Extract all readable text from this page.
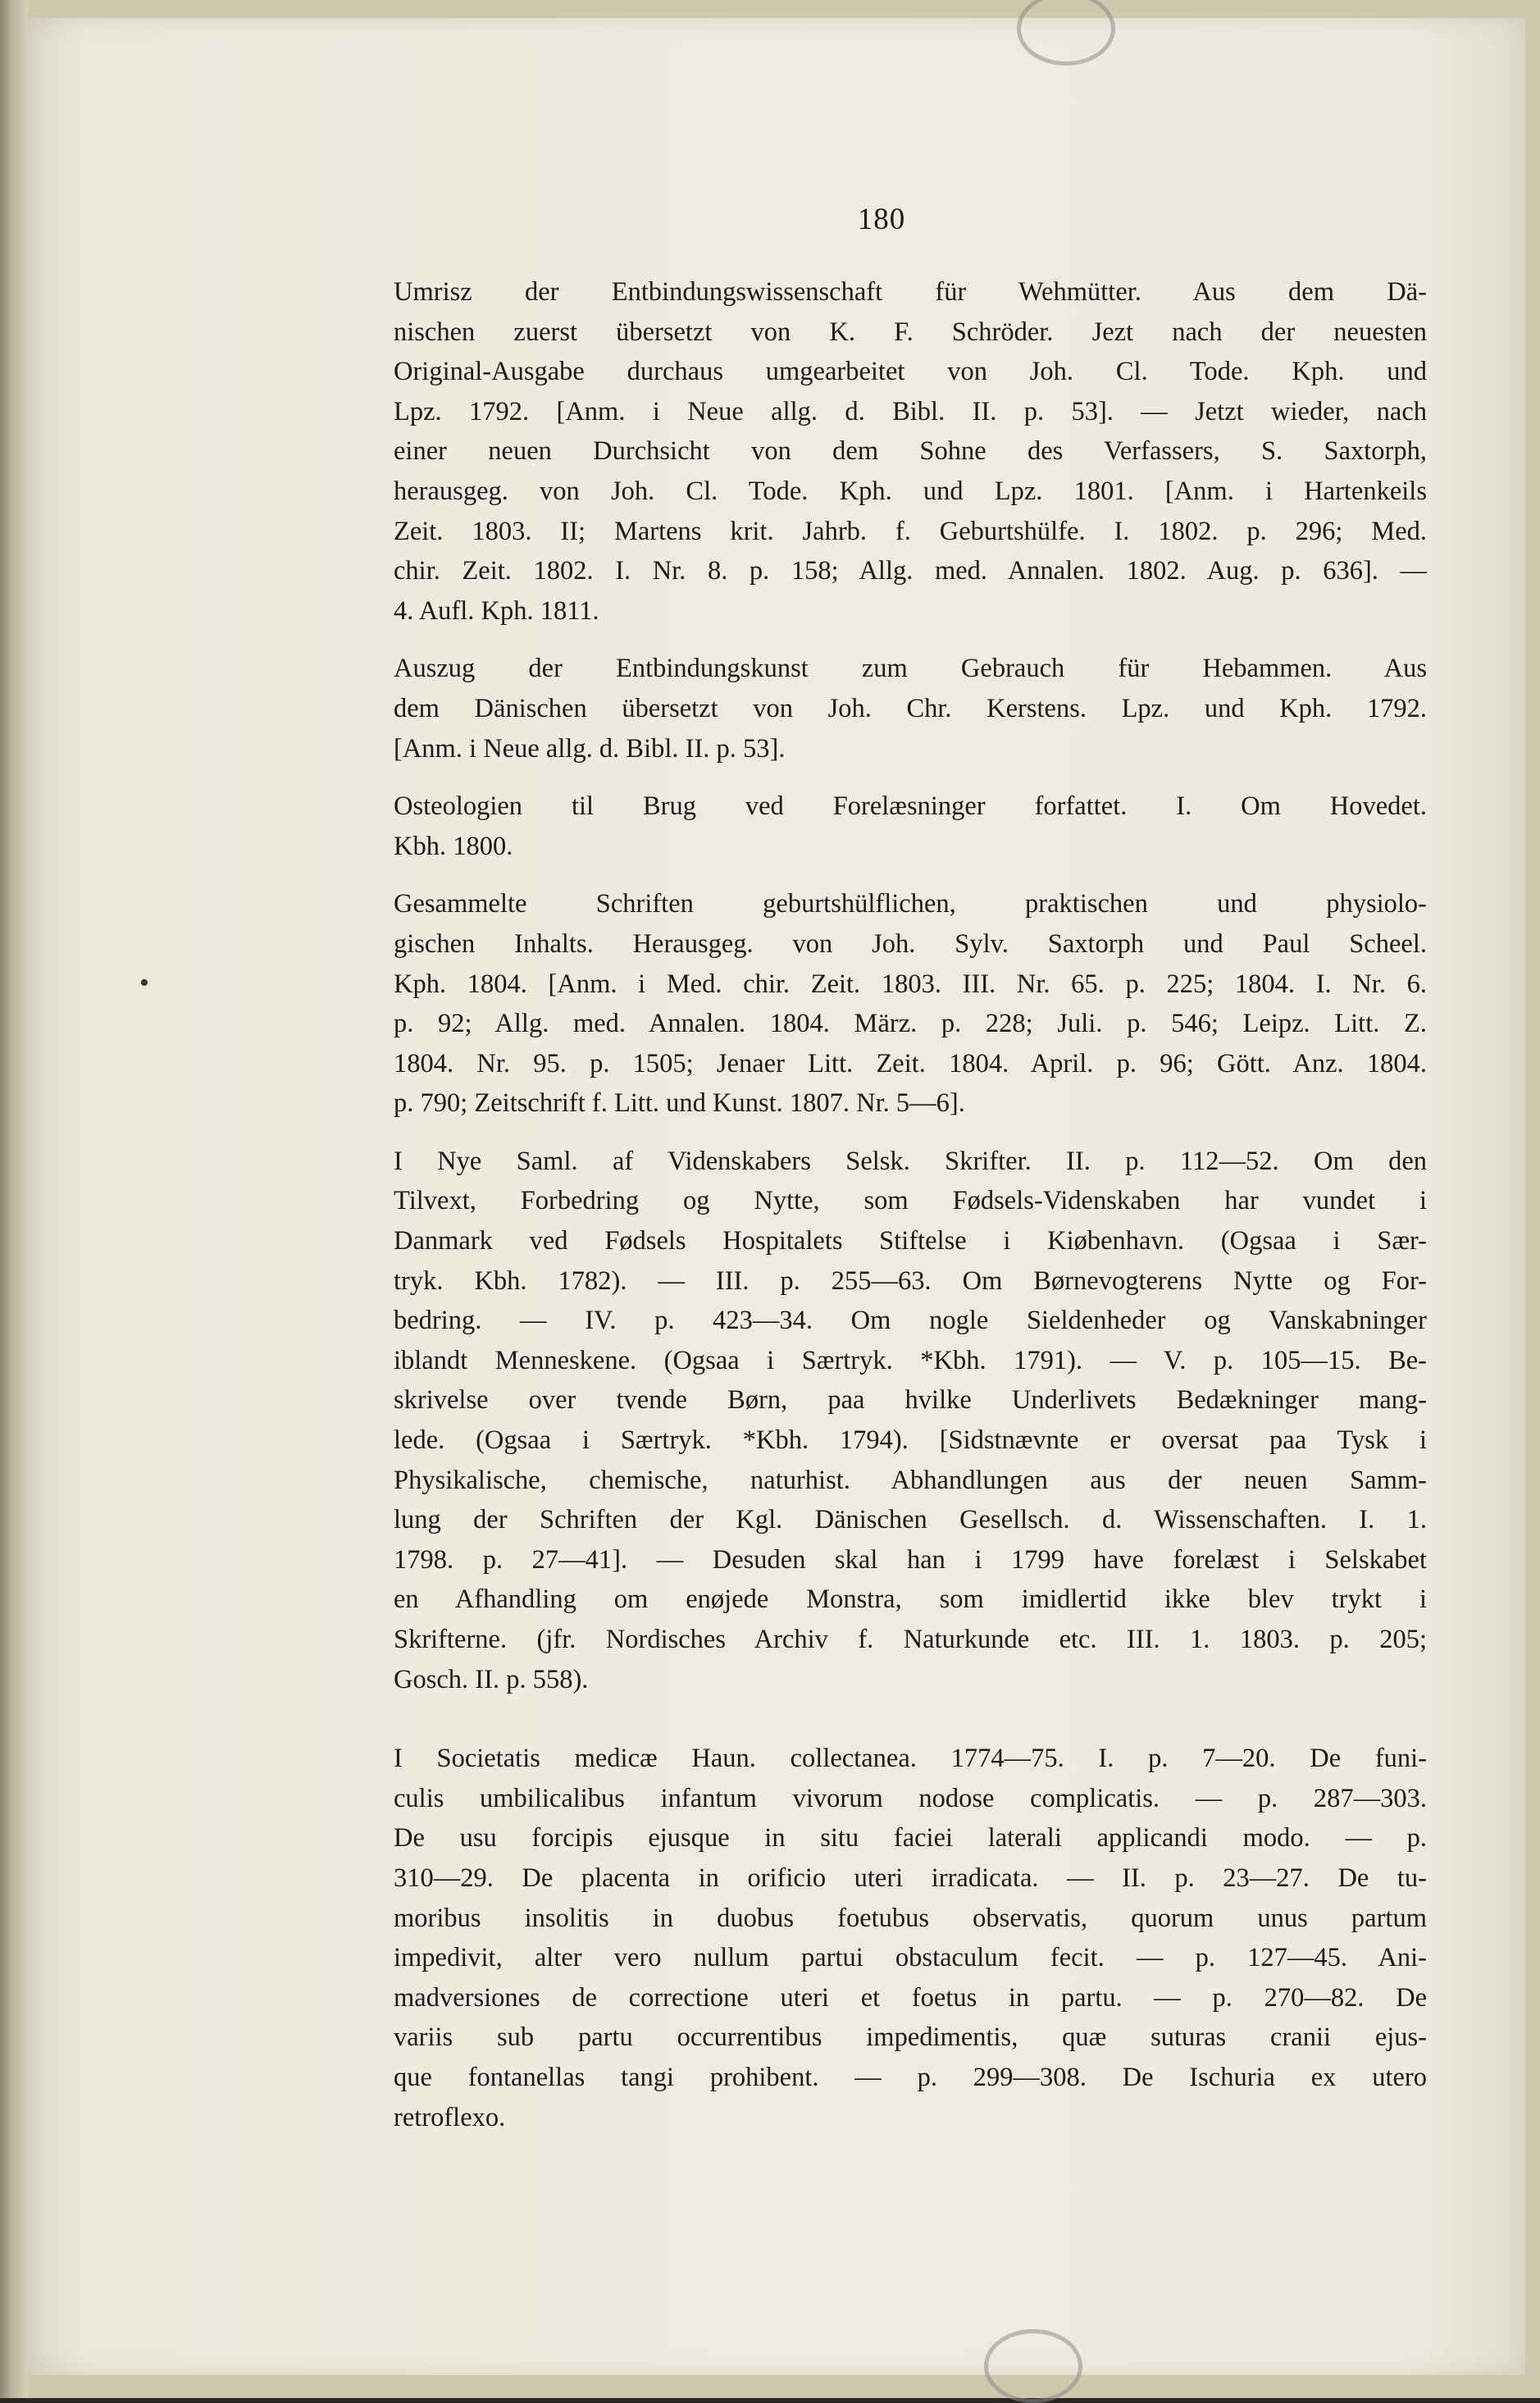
180
•

Umrisz der Entbindungswissenschaft für Wehmütter. Aus dem Dä-
nischen zuerst übersetzt von K. F. Schröder. Jezt nach der neuesten
Original-Ausgabe durchaus umgearbeitet von Joh. Cl. Tode. Kph. und
Lpz. 1792. [Anm. i Neue allg. d. Bibl. II. p. 53]. — Jetzt wieder, nach
einer neuen Durchsicht von dem Sohne des Verfassers, S. Saxtorph,
herausgeg. von Joh. Cl. Tode. Kph. und Lpz. 1801. [Anm. i Hartenkeils
Zeit. 1803. II; Martens krit. Jahrb. f. Geburtshülfe. I. 1802. p. 296; Med.
chir. Zeit. 1802. I. Nr. 8. p. 158; Allg. med. Annalen. 1802. Aug. p. 636]. —
4. Aufl. Kph. 1811.

Auszug der Entbindungskunst zum Gebrauch für Hebammen. Aus
dem Dänischen übersetzt von Joh. Chr. Kerstens. Lpz. und Kph. 1792.
[Anm. i Neue allg. d. Bibl. II. p. 53].

Osteologien til Brug ved Forelæsninger forfattet. I. Om Hovedet.
Kbh. 1800.

Gesammelte Schriften geburtshülflichen, praktischen und physiolo-
gischen Inhalts. Herausgeg. von Joh. Sylv. Saxtorph und Paul Scheel.
Kph. 1804. [Anm. i Med. chir. Zeit. 1803. III. Nr. 65. p. 225; 1804. I. Nr. 6.
p. 92; Allg. med. Annalen. 1804. März. p. 228; Juli. p. 546; Leipz. Litt. Z.
1804. Nr. 95. p. 1505; Jenaer Litt. Zeit. 1804. April. p. 96; Gött. Anz. 1804.
p. 790; Zeitschrift f. Litt. und Kunst. 1807. Nr. 5—6].

I Nye Saml. af Videnskabers Selsk. Skrifter. II. p. 112—52. Om den
Tilvext, Forbedring og Nytte, som Fødsels-Videnskaben har vundet i
Danmark ved Fødsels Hospitalets Stiftelse i Kiøbenhavn. (Ogsaa i Sær-
tryk. Kbh. 1782). — III. p. 255—63. Om Børnevogterens Nytte og For-
bedring. — IV. p. 423—34. Om nogle Sieldenheder og Vanskabninger
iblandt Menneskene. (Ogsaa i Særtryk. *Kbh. 1791). — V. p. 105—15. Be-
skrivelse over tvende Børn, paa hvilke Underlivets Bedækninger mang-
lede. (Ogsaa i Særtryk. *Kbh. 1794). [Sidstnævnte er oversat paa Tysk i
Physikalische, chemische, naturhist. Abhandlungen aus der neuen Samm-
lung der Schriften der Kgl. Dänischen Gesellsch. d. Wissenschaften. I. 1.
1798. p. 27—41]. — Desuden skal han i 1799 have forelæst i Selskabet
en Afhandling om enøjede Monstra, som imidlertid ikke blev trykt i
Skrifterne. (jfr. Nordisches Archiv f. Naturkunde etc. III. 1. 1803. p. 205;
Gosch. II. p. 558).

I Societatis medicæ Haun. collectanea. 1774—75. I. p. 7—20. De funi-
culis umbilicalibus infantum vivorum nodose complicatis. — p. 287—303.
De usu forcipis ejusque in situ faciei laterali applicandi modo. — p.
310—29. De placenta in orificio uteri irradicata. — II. p. 23—27. De tu-
moribus insolitis in duobus foetubus observatis, quorum unus partum
impedivit, alter vero nullum partui obstaculum fecit. — p. 127—45. Ani-
madversiones de correctione uteri et foetus in partu. — p. 270—82. De
variis sub partu occurrentibus impedimentis, quæ suturas cranii ejus-
que fontanellas tangi prohibent. — p. 299—308. De Ischuria ex utero
retroflexo.
